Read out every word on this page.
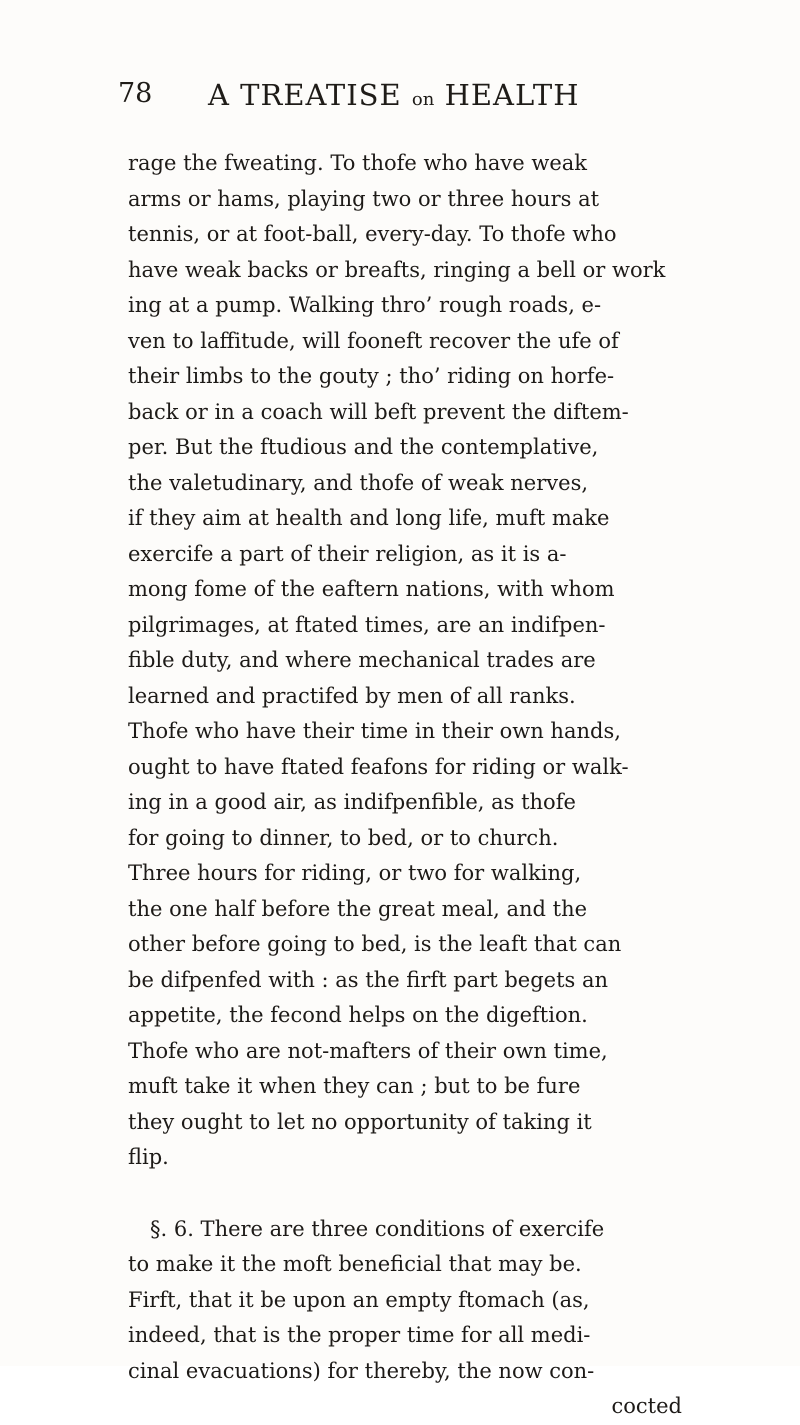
78 A TREATISE on HEALTH
rage the fweating. To thofe who have weak
arms or hams, playing two or three hours at
tennis, or at foot-ball, every-day. To thofe who
have weak backs or breafts, ringing a bell or work
ing at a pump. Walking thro’ rough roads, e-
ven to laffitude, will fooneft recover the ufe of
their limbs to the gouty ; tho’ riding on horfe-
back or in a coach will beft prevent the diftem-
per. But the ftudious and the contemplative,
the valetudinary, and thofe of weak nerves,
if they aim at health and long life, muft make
exercife a part of their religion, as it is a-
mong fome of the eaftern nations, with whom
pilgrimages, at ftated times, are an indifpen-
fible duty, and where mechanical trades are
learned and practifed by men of all ranks.
Thofe who have their time in their own hands,
ought to have ftated feafons for riding or walk-
ing in a good air, as indifpenfible, as thofe
for going to dinner, to bed, or to church.
Three hours for riding, or two for walking,
the one half before the great meal, and the
other before going to bed, is the leaft that can
be difpenfed with : as the firft part begets an
appetite, the fecond helps on the digeftion.
Thofe who are not-mafters of their own time,
muft take it when they can ; but to be fure
they ought to let no opportunity of taking it
flip.
§. 6. There are three conditions of exercife
to make it the moft beneficial that may be.
Firft, that it be upon an empty ftomach (as,
indeed, that is the proper time for all medi-
cinal evacuations) for thereby, the now con-
cocted
